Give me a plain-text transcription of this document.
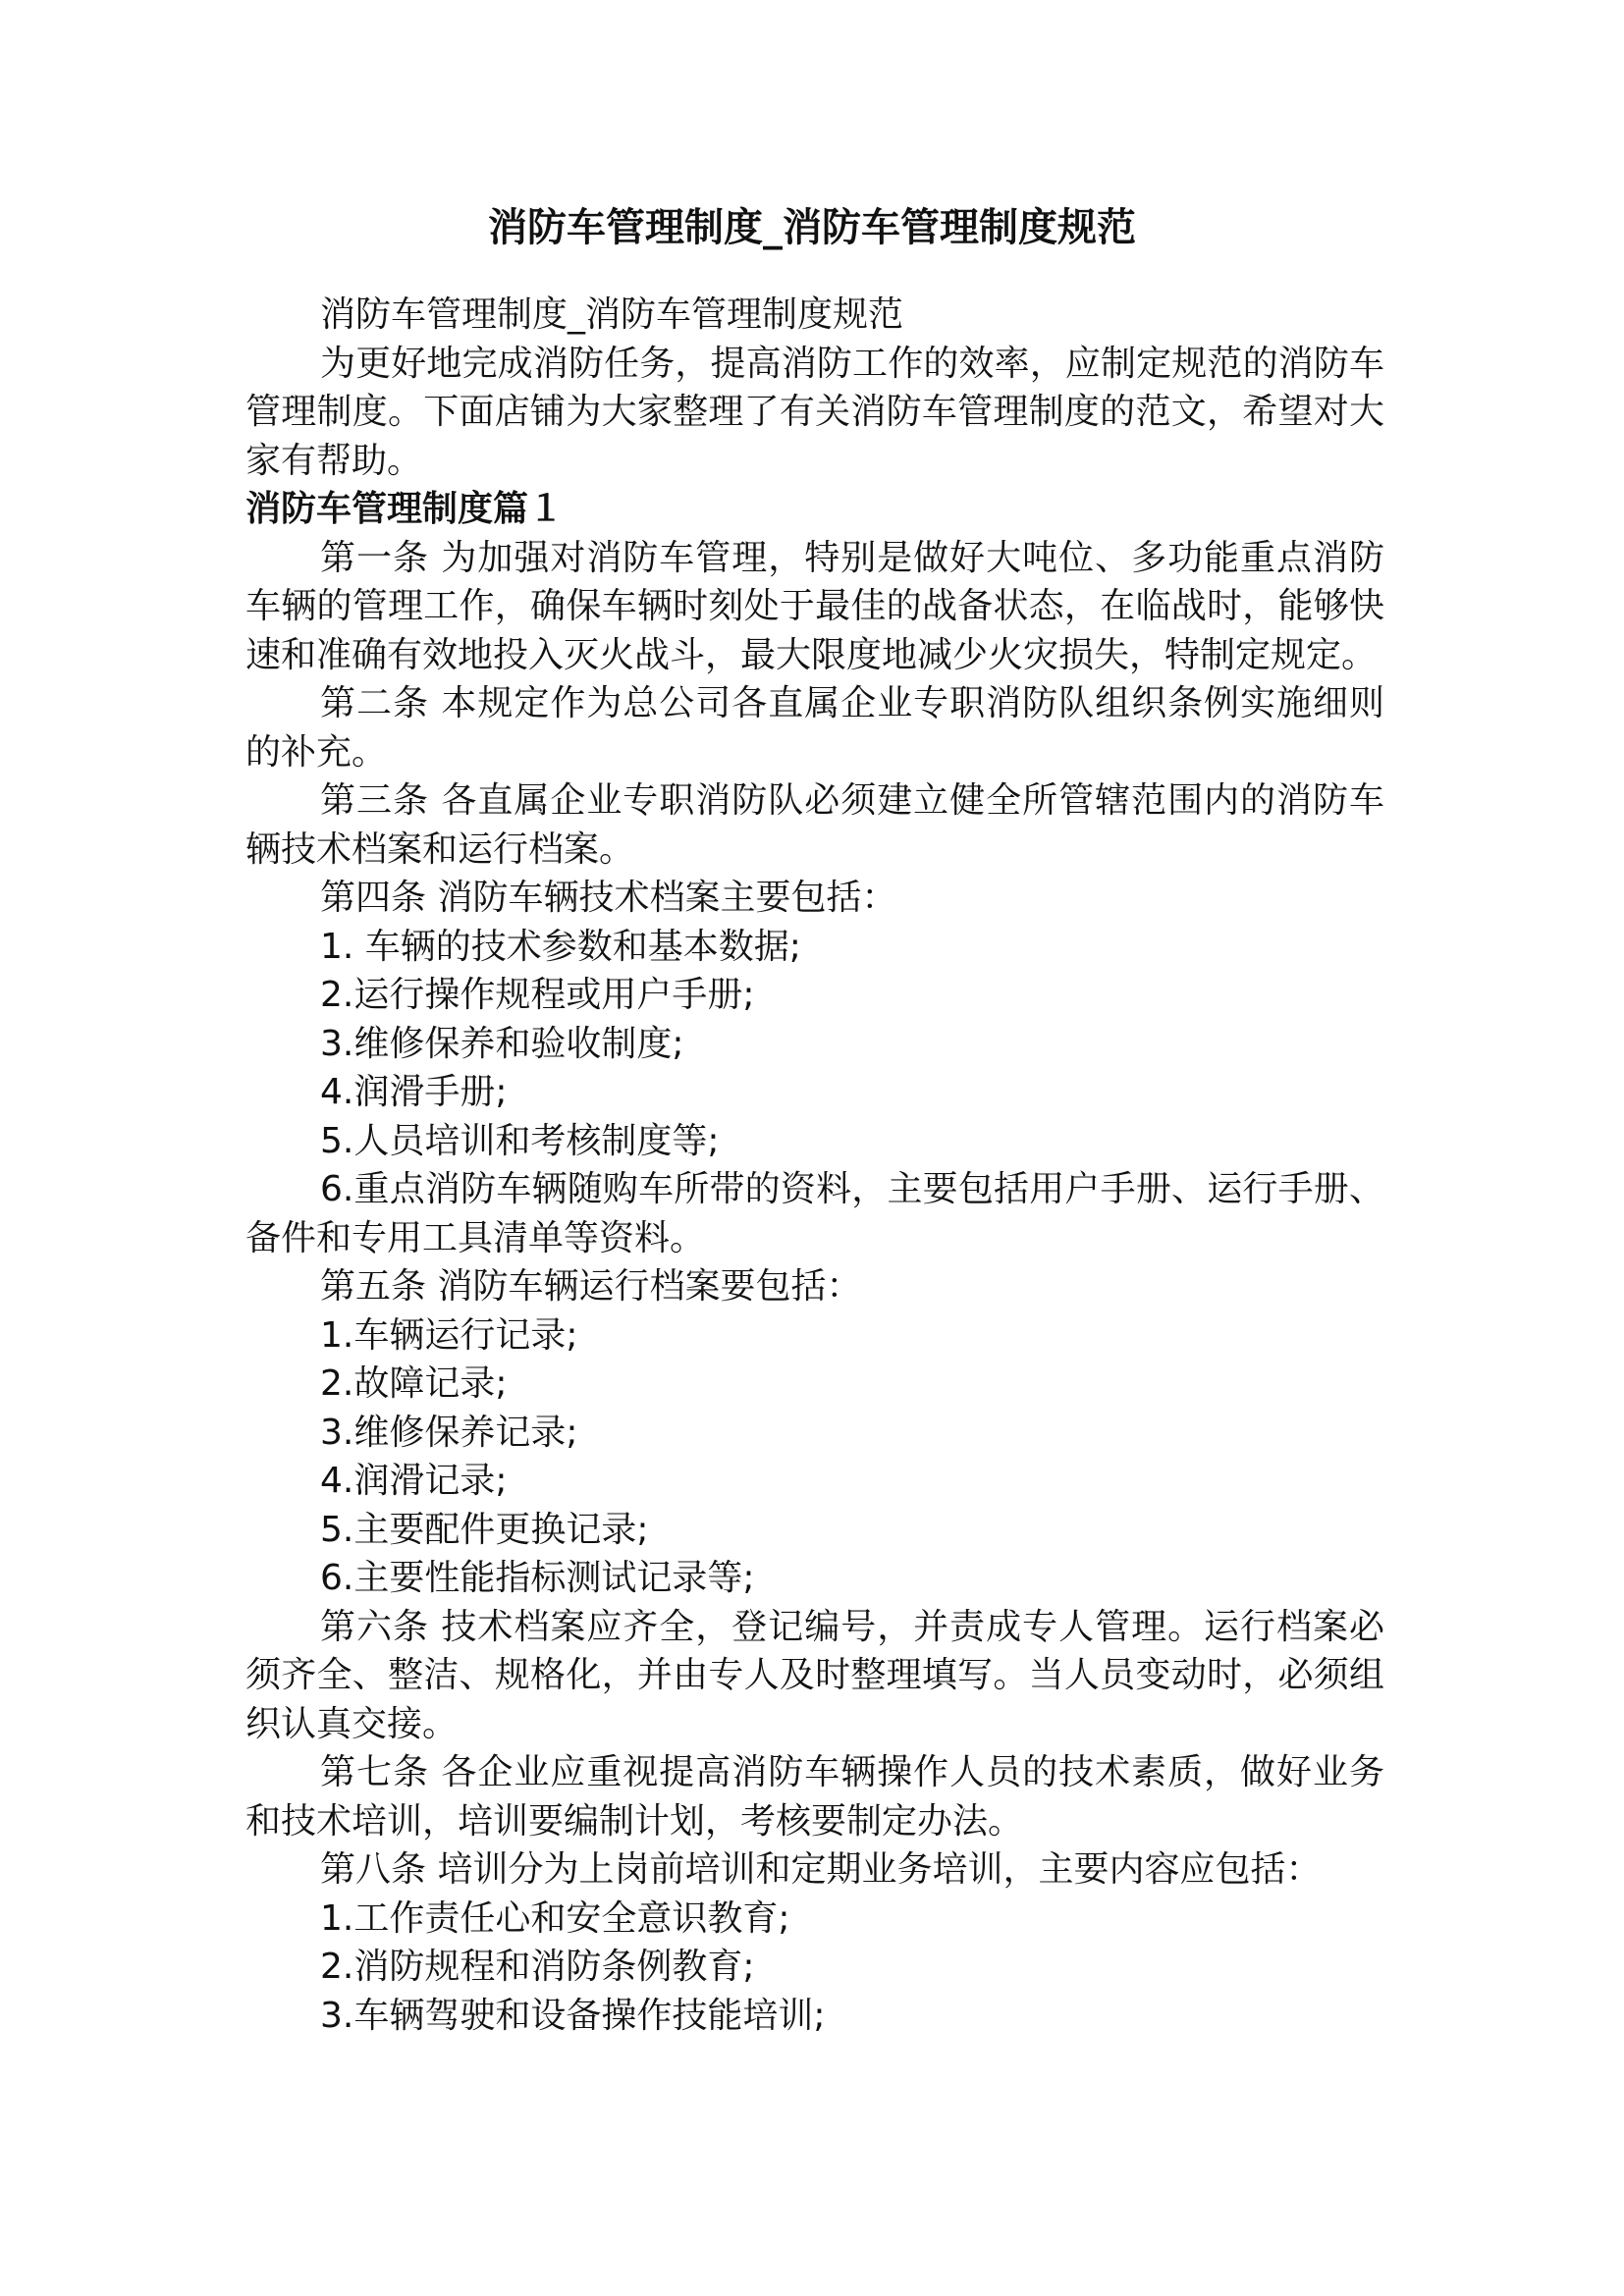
消防车管理制度_消防车管理制度规范

消防车管理制度_消防车管理制度规范

为更好地完成消防任务，提高消防工作的效率，应制定规范的消防车管理制度。下面店铺为大家整理了有关消防车管理制度的范文，希望对大家有帮助。

消防车管理制度篇１

第一条 为加强对消防车管理，特别是做好大吨位、多功能重点消防车辆的管理工作，确保车辆时刻处于最佳的战备状态，在临战时，能够快速和准确有效地投入灭火战斗，最大限度地减少火灾损失，特制定规定。

第二条 本规定作为总公司各直属企业专职消防队组织条例实施细则的补充。

第三条 各直属企业专职消防队必须建立健全所管辖范围内的消防车辆技术档案和运行档案。

第四条 消防车辆技术档案主要包括：

1. 车辆的技术参数和基本数据;

2.运行操作规程或用户手册;

3.维修保养和验收制度;

4.润滑手册;

5.人员培训和考核制度等;

6.重点消防车辆随购车所带的资料，主要包括用户手册、运行手册、备件和专用工具清单等资料。

第五条 消防车辆运行档案要包括：

1.车辆运行记录;

2.故障记录;

3.维修保养记录;

4.润滑记录;

5.主要配件更换记录;

6.主要性能指标测试记录等;

第六条 技术档案应齐全，登记编号，并责成专人管理。运行档案必须齐全、整洁、规格化，并由专人及时整理填写。当人员变动时，必须组织认真交接。

第七条 各企业应重视提高消防车辆操作人员的技术素质，做好业务和技术培训，培训要编制计划，考核要制定办法。

第八条 培训分为上岗前培训和定期业务培训，主要内容应包括：

1.工作责任心和安全意识教育;

2.消防规程和消防条例教育;

3.车辆驾驶和设备操作技能培训;
